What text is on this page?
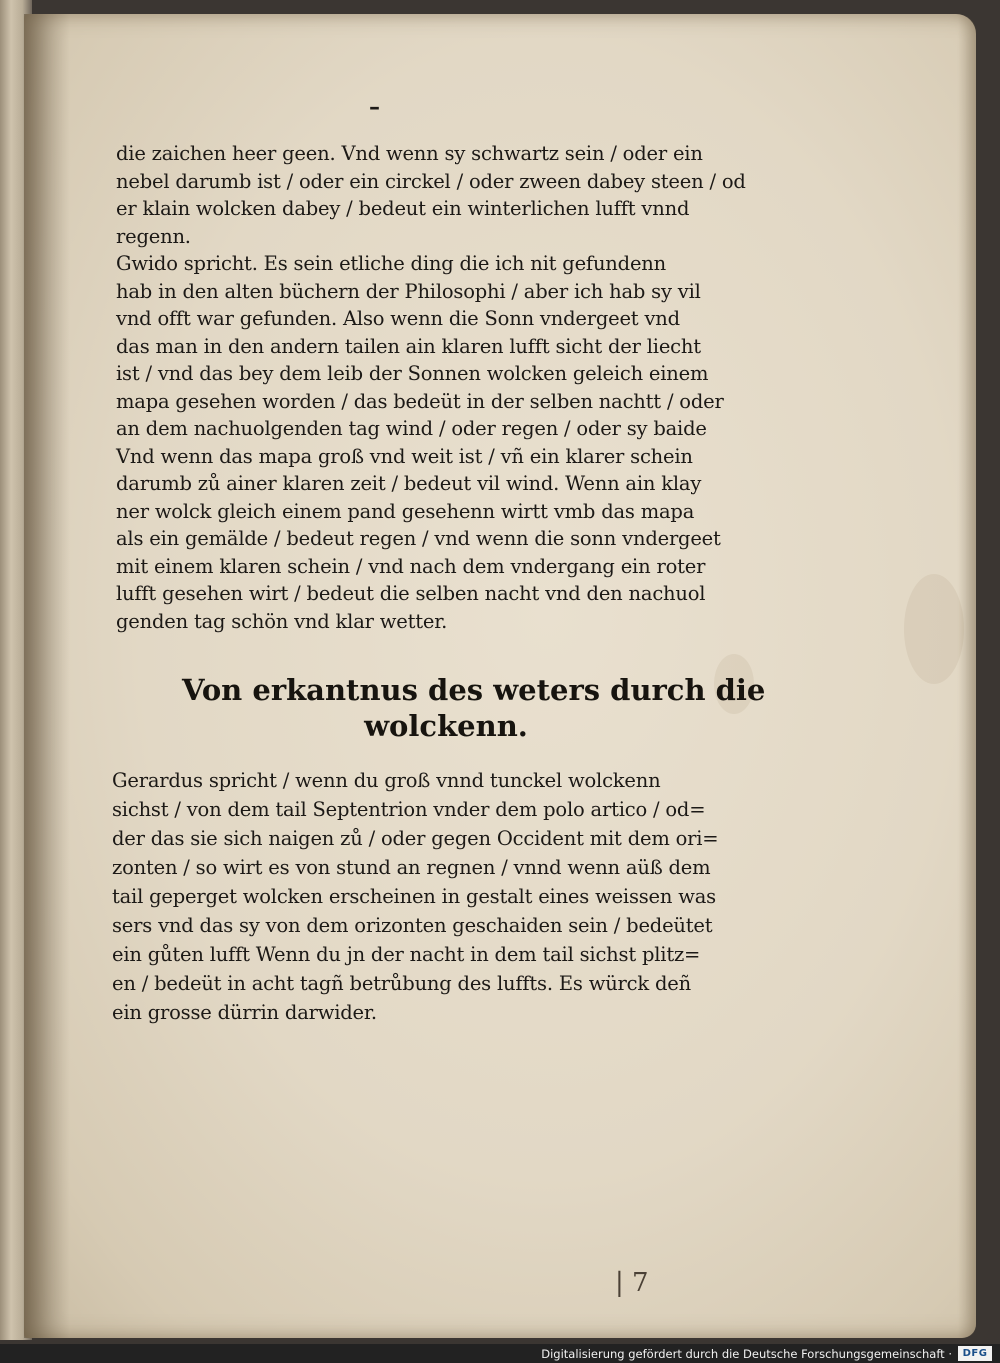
–
die zaichen heer geen. Vnd wenn sy schwartz sein / oder ein
nebel darumb ist / oder ein circkel / oder zween dabey steen / od
er klain wolcken dabey / bedeut ein winterlichen lufft vnnd
regenn.
Gwido spricht. Es sein etliche ding die ich nit gefundenn
hab in den alten büchern der Philosophi / aber ich hab sy vil
vnd offt war gefunden. Also wenn die Sonn vndergeet vnd
das man in den andern tailen ain klaren lufft sicht der liecht
ist / vnd das bey dem leib der Sonnen wolcken geleich einem
mapa gesehen worden / das bedeüt in der selben nachtt / oder
an dem nachuolgenden tag wind / oder regen / oder sy baide
Vnd wenn das mapa groß vnd weit ist / vñ ein klarer schein
darumb zů ainer klaren zeit / bedeut vil wind. Wenn ain klay
ner wolck gleich einem pand gesehenn wirtt vmb das mapa
als ein gemälde / bedeut regen / vnd wenn die sonn vndergeet
mit einem klaren schein / vnd nach dem vndergang ein roter
lufft gesehen wirt / bedeut die selben nacht vnd den nachuol
genden tag schön vnd klar wetter.
Von erkantnus des weters durch die
wolckenn.
Gerardus spricht / wenn du groß vnnd tunckel wolckenn
sichst / von dem tail Septentrion vnder dem polo artico / od=
der das sie sich naigen zů / oder gegen Occident mit dem ori=
zonten / so wirt es von stund an regnen / vnnd wenn aüß dem
tail geperget wolcken erscheinen in gestalt eines weissen was
sers vnd das sy von dem orizonten geschaiden sein / bedeütet
ein gůten lufft Wenn du jn der nacht in dem tail sichst plitz=
en / bedeüt in acht tagñ betrůbung des luffts. Es würck deñ
ein grosse dürrin darwider.
| 7
Digitalisierung gefördert durch die Deutsche Forschungsgemeinschaft ·	DFG
